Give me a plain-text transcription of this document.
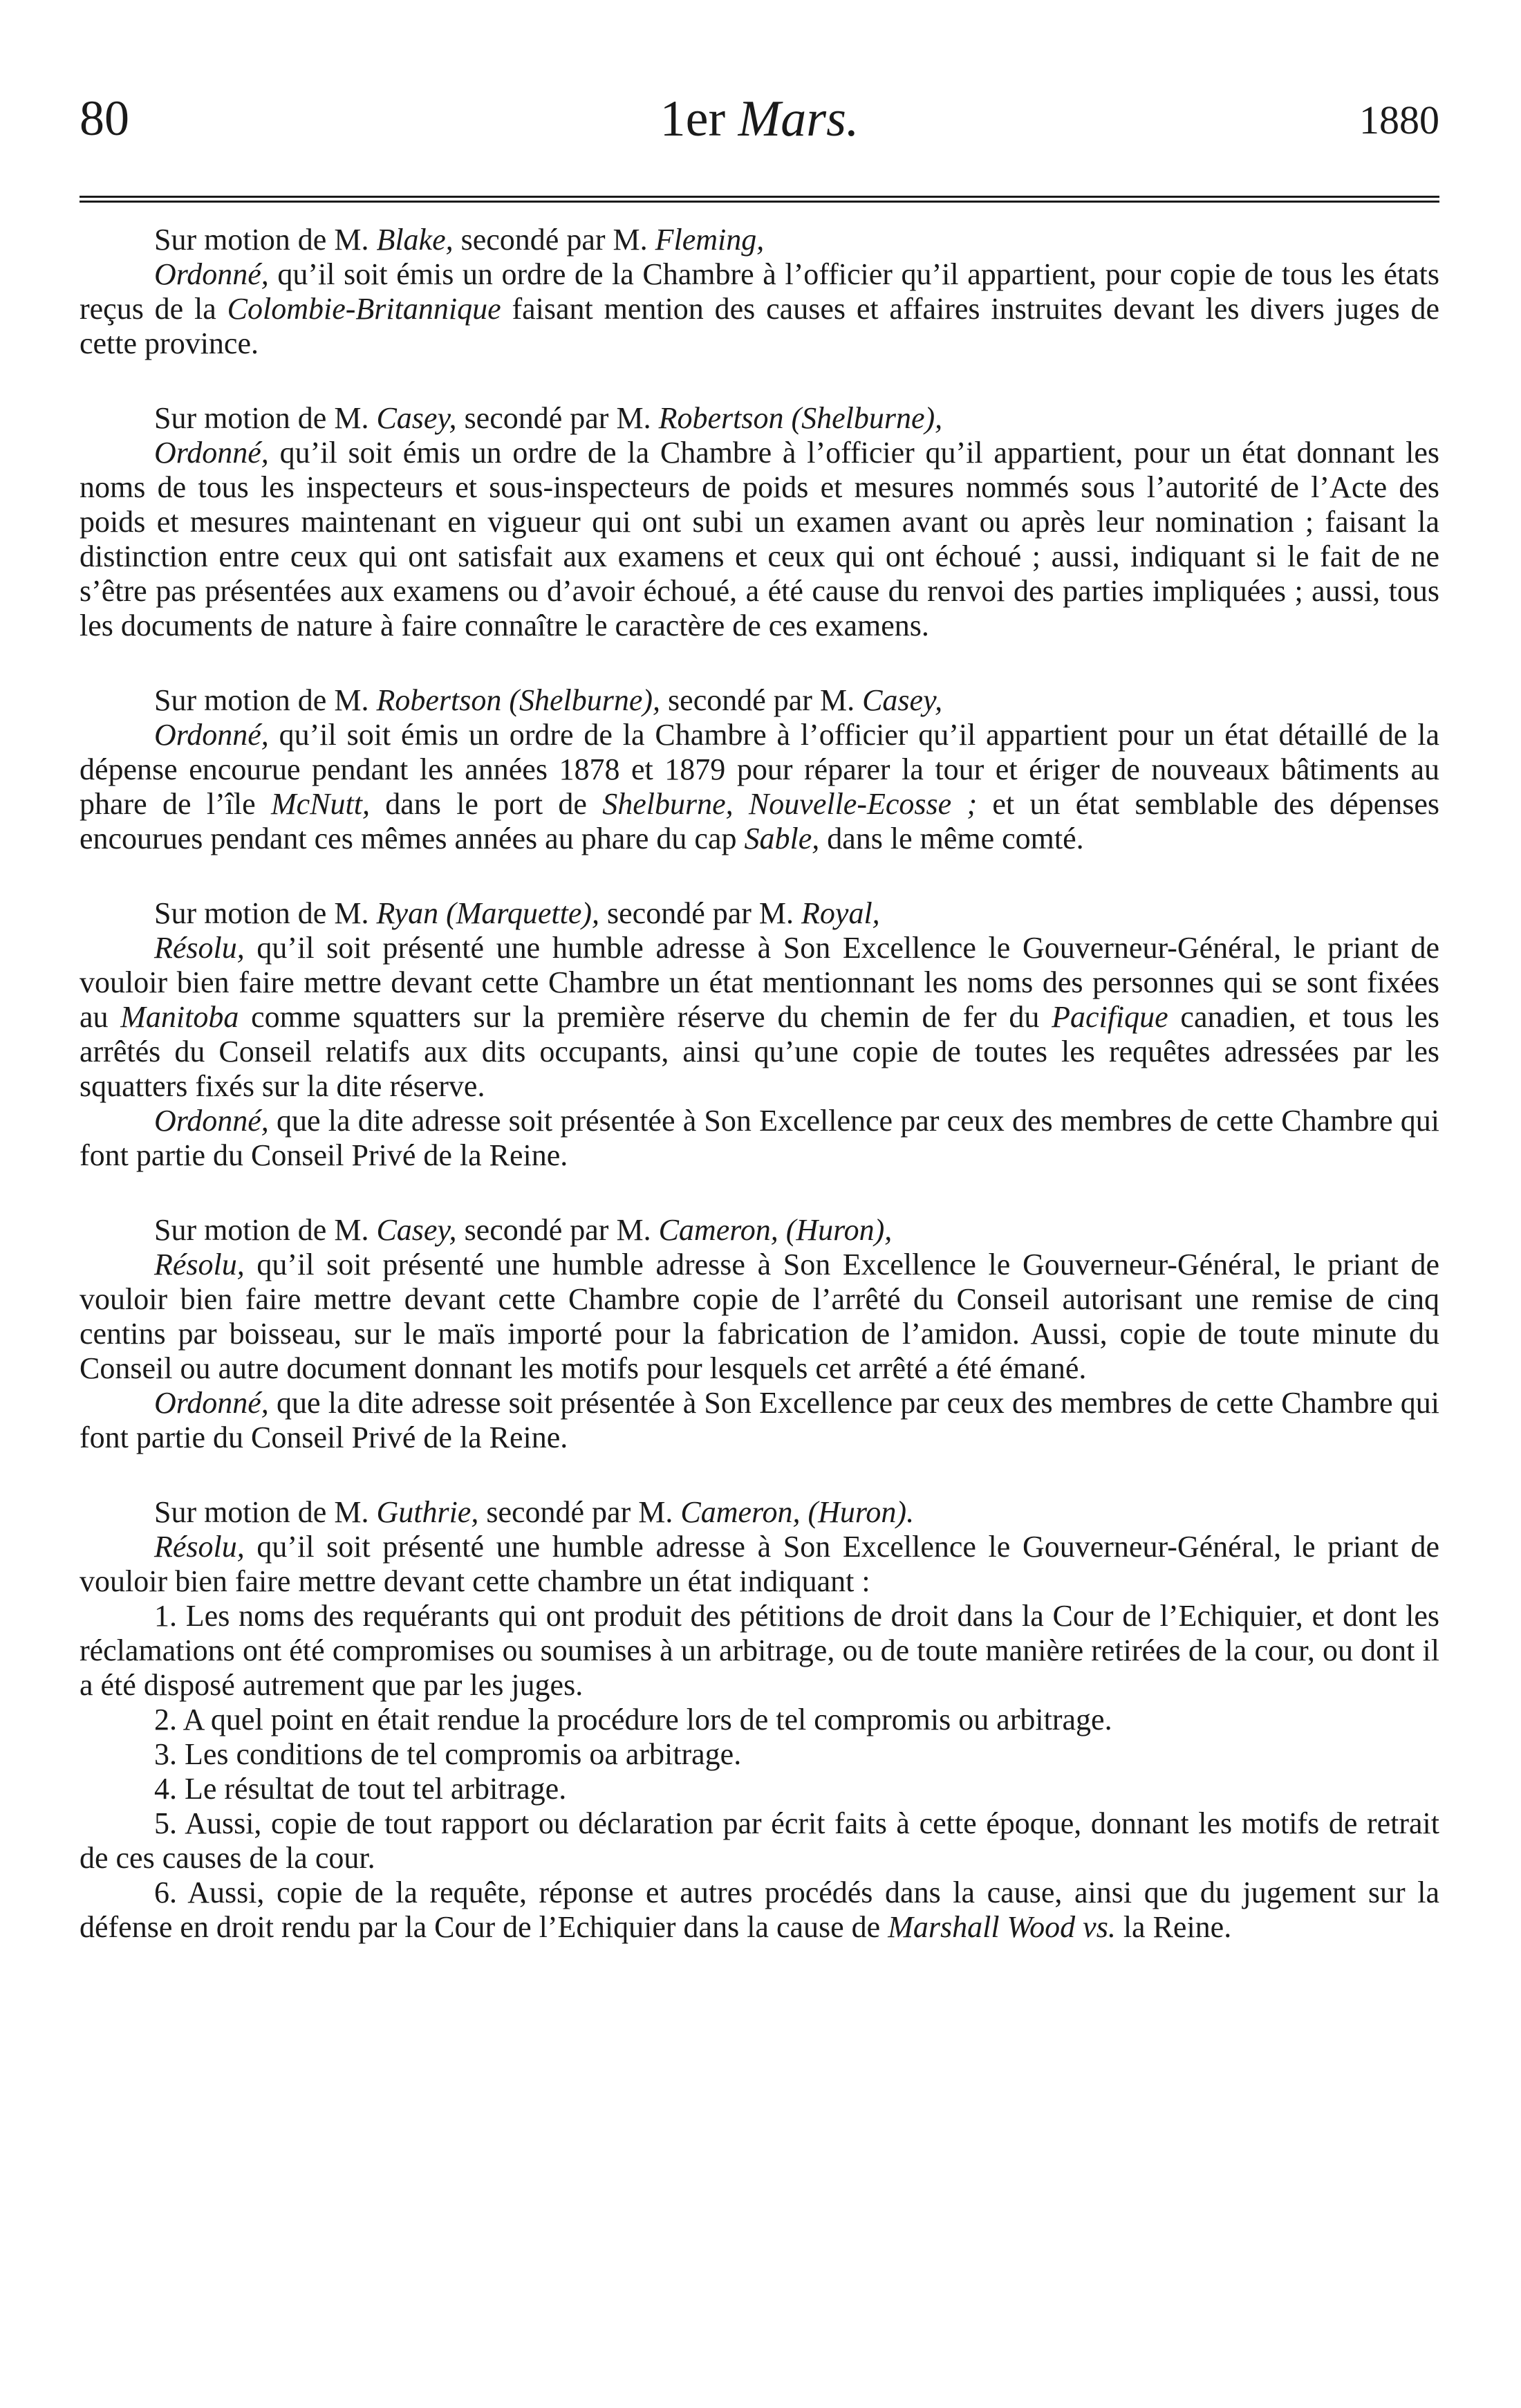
80	1er Mars.	1880

Sur motion de M. Blake, secondé par M. Fleming,

Ordonné, qu’il soit émis un ordre de la Chambre à l’officier qu’il appartient, pour copie de tous les états reçus de la Colombie-Britannique faisant mention des causes et affaires instruites devant les divers juges de cette province.

Sur motion de M. Casey, secondé par M. Robertson (Shelburne),

Ordonné, qu’il soit émis un ordre de la Chambre à l’officier qu’il appartient, pour un état donnant les noms de tous les inspecteurs et sous-inspecteurs de poids et mesures nommés sous l’autorité de l’Acte des poids et mesures maintenant en vigueur qui ont subi un examen avant ou après leur nomination ; faisant la distinction entre ceux qui ont satisfait aux examens et ceux qui ont échoué ; aussi, indiquant si le fait de ne s’être pas présentées aux examens ou d’avoir échoué, a été cause du renvoi des parties impliquées ; aussi, tous les documents de nature à faire connaître le caractère de ces examens.

Sur motion de M. Robertson (Shelburne), secondé par M. Casey,

Ordonné, qu’il soit émis un ordre de la Chambre à l’officier qu’il appartient pour un état détaillé de la dépense encourue pendant les années 1878 et 1879 pour réparer la tour et ériger de nouveaux bâtiments au phare de l’île McNutt, dans le port de Shelburne, Nouvelle-Ecosse ; et un état semblable des dépenses encourues pendant ces mêmes années au phare du cap Sable, dans le même comté.

Sur motion de M. Ryan (Marquette), secondé par M. Royal,

Résolu, qu’il soit présenté une humble adresse à Son Excellence le Gouverneur-Général, le priant de vouloir bien faire mettre devant cette Chambre un état mentionnant les noms des personnes qui se sont fixées au Manitoba comme squatters sur la première réserve du chemin de fer du Pacifique canadien, et tous les arrêtés du Conseil relatifs aux dits occupants, ainsi qu’une copie de toutes les requêtes adressées par les squatters fixés sur la dite réserve.

Ordonné, que la dite adresse soit présentée à Son Excellence par ceux des membres de cette Chambre qui font partie du Conseil Privé de la Reine.

Sur motion de M. Casey, secondé par M. Cameron, (Huron),

Résolu, qu’il soit présenté une humble adresse à Son Excellence le Gouverneur-Général, le priant de vouloir bien faire mettre devant cette Chambre copie de l’arrêté du Conseil autorisant une remise de cinq centins par boisseau, sur le maïs importé pour la fabrication de l’amidon. Aussi, copie de toute minute du Conseil ou autre document donnant les motifs pour lesquels cet arrêté a été émané.

Ordonné, que la dite adresse soit présentée à Son Excellence par ceux des membres de cette Chambre qui font partie du Conseil Privé de la Reine.

Sur motion de M. Guthrie, secondé par M. Cameron, (Huron).

Résolu, qu’il soit présenté une humble adresse à Son Excellence le Gouverneur-Général, le priant de vouloir bien faire mettre devant cette chambre un état indiquant :

1. Les noms des requérants qui ont produit des pétitions de droit dans la Cour de l’Echiquier, et dont les réclamations ont été compromises ou soumises à un arbitrage, ou de toute manière retirées de la cour, ou dont il a été disposé autrement que par les juges.

2. A quel point en était rendue la procédure lors de tel compromis ou arbitrage.

3. Les conditions de tel compromis oa arbitrage.

4. Le résultat de tout tel arbitrage.

5. Aussi, copie de tout rapport ou déclaration par écrit faits à cette époque, donnant les motifs de retrait de ces causes de la cour.

6. Aussi, copie de la requête, réponse et autres procédés dans la cause, ainsi que du jugement sur la défense en droit rendu par la Cour de l’Echiquier dans la cause de Marshall Wood vs. la Reine.
